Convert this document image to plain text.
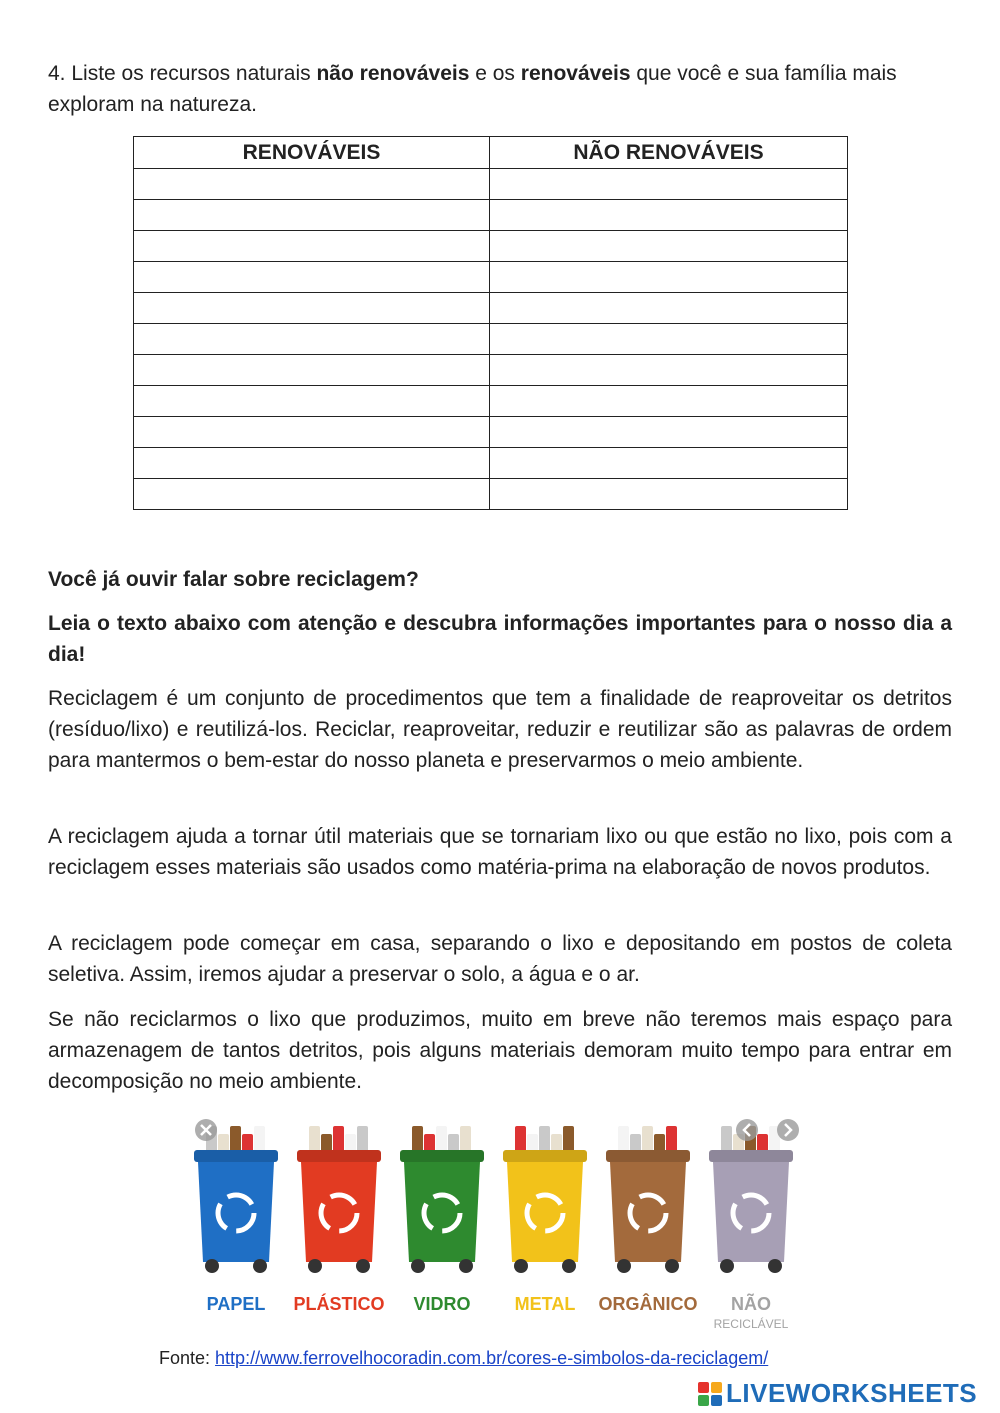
4. Liste os recursos naturais não renováveis e os renováveis que você e sua família mais exploram na natureza.
RENOVÁVEIS	NÃO RENOVÁVEIS

Você já ouvir falar sobre reciclagem?
Leia o texto abaixo com atenção e descubra informações importantes para o nosso dia a dia!
Reciclagem é um conjunto de procedimentos que tem a finalidade de reaproveitar os detritos (resíduo/lixo) e reutilizá-los. Reciclar, reaproveitar, reduzir e reutilizar são as palavras de ordem para mantermos o bem-estar do nosso planeta e preservarmos o meio ambiente.
A reciclagem ajuda a tornar útil materiais que se tornariam lixo ou que estão no lixo, pois com a reciclagem esses materiais são usados como matéria-prima na elaboração de novos produtos.
A reciclagem pode começar em casa, separando o lixo e depositando em postos de coleta seletiva. Assim, iremos ajudar a preservar o solo, a água e o ar.
Se não reciclarmos o lixo que produzimos, muito em breve não teremos mais espaço para armazenagem de tantos detritos, pois alguns materiais demoram muito tempo para entrar em decomposição no meio ambiente.
PAPEL PLÁSTICO VIDRO METAL ORGÂNICO NÃO
RECICLÁVEL
Fonte: http://www.ferrovelhocoradin.com.br/cores-e-simbolos-da-reciclagem/
LIVEWORKSHEETS
